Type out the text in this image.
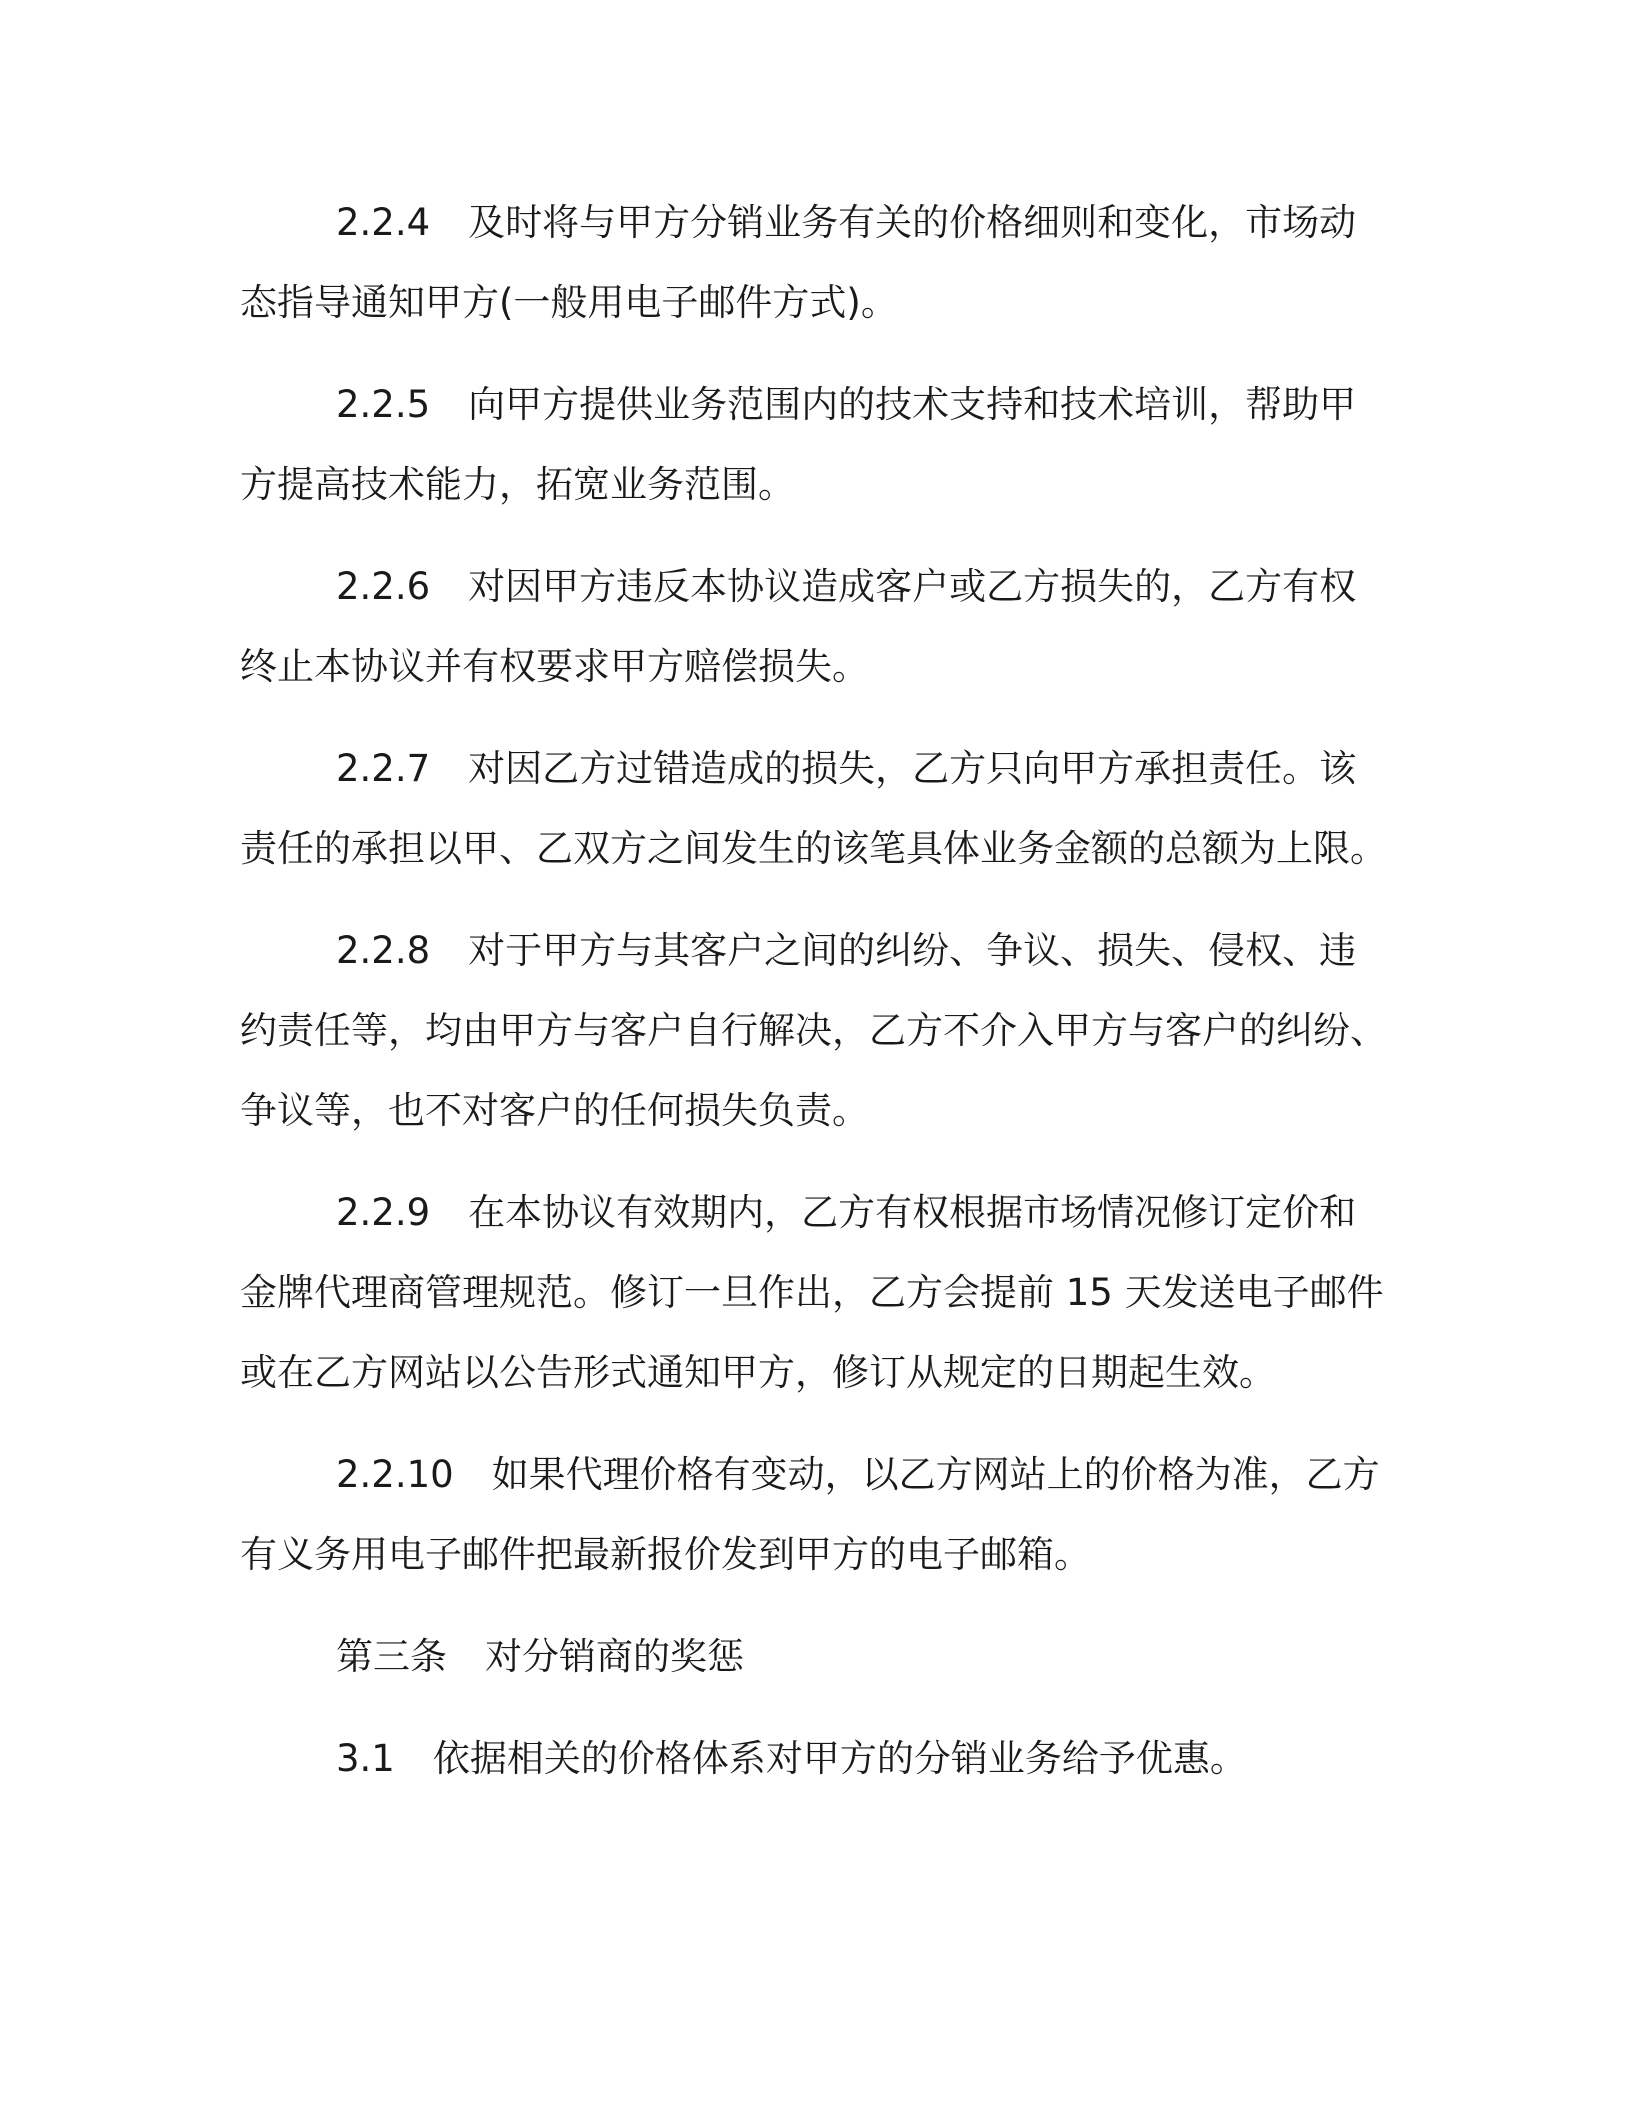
2.2.4 及时将与甲方分销业务有关的价格细则和变化，市场动态指导通知甲方(一般用电子邮件方式)。

2.2.5 向甲方提供业务范围内的技术支持和技术培训，帮助甲方提高技术能力，拓宽业务范围。

2.2.6 对因甲方违反本协议造成客户或乙方损失的，乙方有权终止本协议并有权要求甲方赔偿损失。

2.2.7 对因乙方过错造成的损失，乙方只向甲方承担责任。该责任的承担以甲、乙双方之间发生的该笔具体业务金额的总额为上限。

2.2.8 对于甲方与其客户之间的纠纷、争议、损失、侵权、违约责任等，均由甲方与客户自行解决，乙方不介入甲方与客户的纠纷、争议等，也不对客户的任何损失负责。

2.2.9 在本协议有效期内，乙方有权根据市场情况修订定价和金牌代理商管理规范。修订一旦作出，乙方会提前 15 天发送电子邮件或在乙方网站以公告形式通知甲方，修订从规定的日期起生效。

2.2.10 如果代理价格有变动，以乙方网站上的价格为准，乙方有义务用电子邮件把最新报价发到甲方的电子邮箱。

第三条 对分销商的奖惩

3.1 依据相关的价格体系对甲方的分销业务给予优惠。
